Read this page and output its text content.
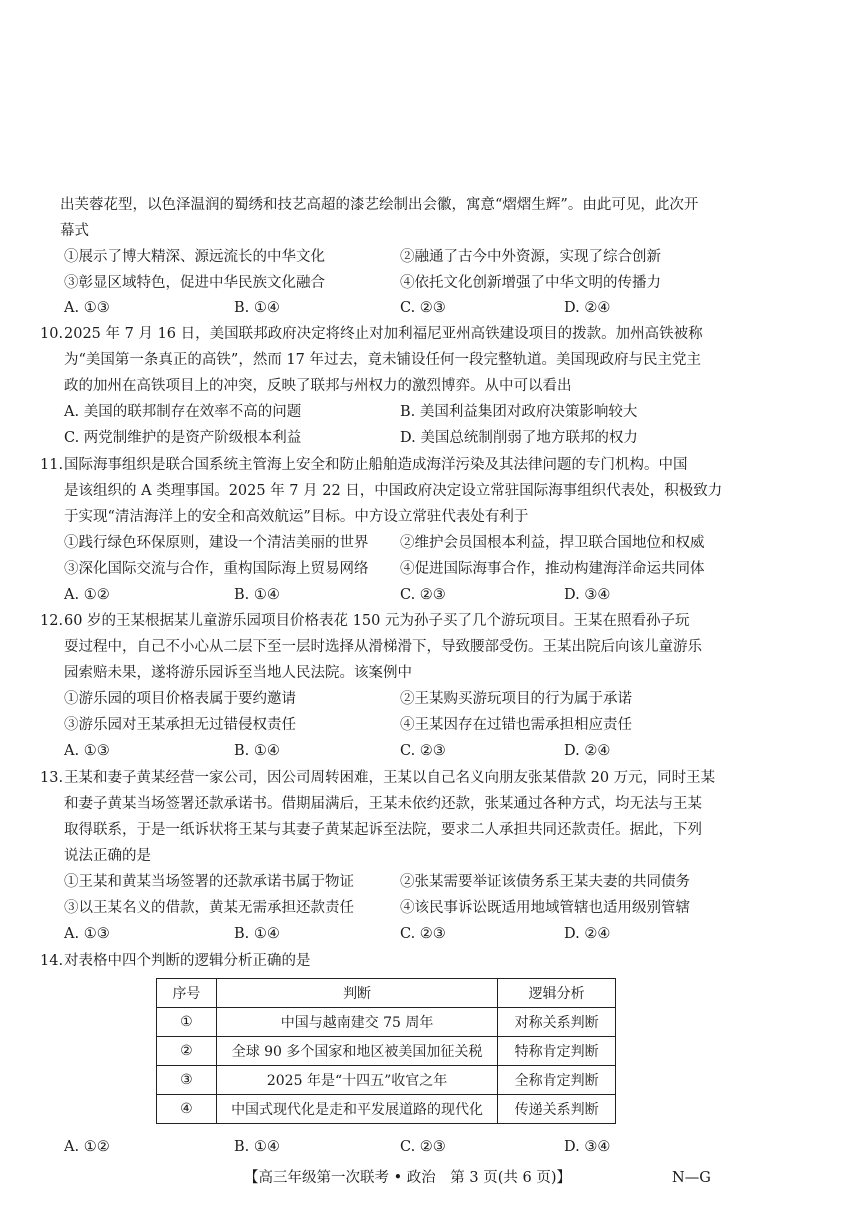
出芙蓉花型，以色泽温润的蜀绣和技艺高超的漆艺绘制出会徽，寓意“熠熠生辉”。由此可见，此次开
幕式
①展示了博大精深、源远流长的中华文化	②融通了古今中外资源，实现了综合创新
③彰显区域特色，促进中华民族文化融合	④依托文化创新增强了中华文明的传播力
A. ①③	B. ①④	C. ②③	D. ②④
10. 2025 年 7 月 16 日，美国联邦政府决定将终止对加利福尼亚州高铁建设项目的拨款。加州高铁被称
为“美国第一条真正的高铁”，然而 17 年过去，竟未铺设任何一段完整轨道。美国现政府与民主党主
政的加州在高铁项目上的冲突，反映了联邦与州权力的激烈博弈。从中可以看出
A. 美国的联邦制存在效率不高的问题	B. 美国利益集团对政府决策影响较大
C. 两党制维护的是资产阶级根本利益	D. 美国总统制削弱了地方联邦的权力
11. 国际海事组织是联合国系统主管海上安全和防止船舶造成海洋污染及其法律问题的专门机构。中国
是该组织的 A 类理事国。2025 年 7 月 22 日，中国政府决定设立常驻国际海事组织代表处，积极致力
于实现“清洁海洋上的安全和高效航运”目标。中方设立常驻代表处有利于
①践行绿色环保原则，建设一个清洁美丽的世界 ②维护会员国根本利益，捍卫联合国地位和权威
③深化国际交流与合作，重构国际海上贸易网络 ④促进国际海事合作，推动构建海洋命运共同体
A. ①②	B. ①④	C. ②③	D. ③④
12. 60 岁的王某根据某儿童游乐园项目价格表花 150 元为孙子买了几个游玩项目。王某在照看孙子玩
耍过程中，自己不小心从二层下至一层时选择从滑梯滑下，导致腰部受伤。王某出院后向该儿童游乐
园索赔未果，遂将游乐园诉至当地人民法院。该案例中
①游乐园的项目价格表属于要约邀请	②王某购买游玩项目的行为属于承诺
③游乐园对王某承担无过错侵权责任	④王某因存在过错也需承担相应责任
A. ①③	B. ①④	C. ②③	D. ②④
13. 王某和妻子黄某经营一家公司，因公司周转困难，王某以自己名义向朋友张某借款 20 万元，同时王某
和妻子黄某当场签署还款承诺书。借期届满后，王某未依约还款，张某通过各种方式，均无法与王某
取得联系，于是一纸诉状将王某与其妻子黄某起诉至法院，要求二人承担共同还款责任。据此，下列
说法正确的是
①王某和黄某当场签署的还款承诺书属于物证	②张某需要举证该债务系王某夫妻的共同债务
③以王某名义的借款，黄某无需承担还款责任	④该民事诉讼既适用地域管辖也适用级别管辖
A. ①③	B. ①④	C. ②③	D. ②④
14. 对表格中四个判断的逻辑分析正确的是
序号	判断	逻辑分析
①	中国与越南建交 75 周年	对称关系判断
②	全球 90 多个国家和地区被美国加征关税	特称肯定判断
③	2025 年是“十四五”收官之年	全称肯定判断
④	中国式现代化是走和平发展道路的现代化	传递关系判断
A. ①②	B. ①④	C. ②③	D. ③④
【高三年级第一次联考 • 政治　第 3 页(共 6 页)】	N—G
